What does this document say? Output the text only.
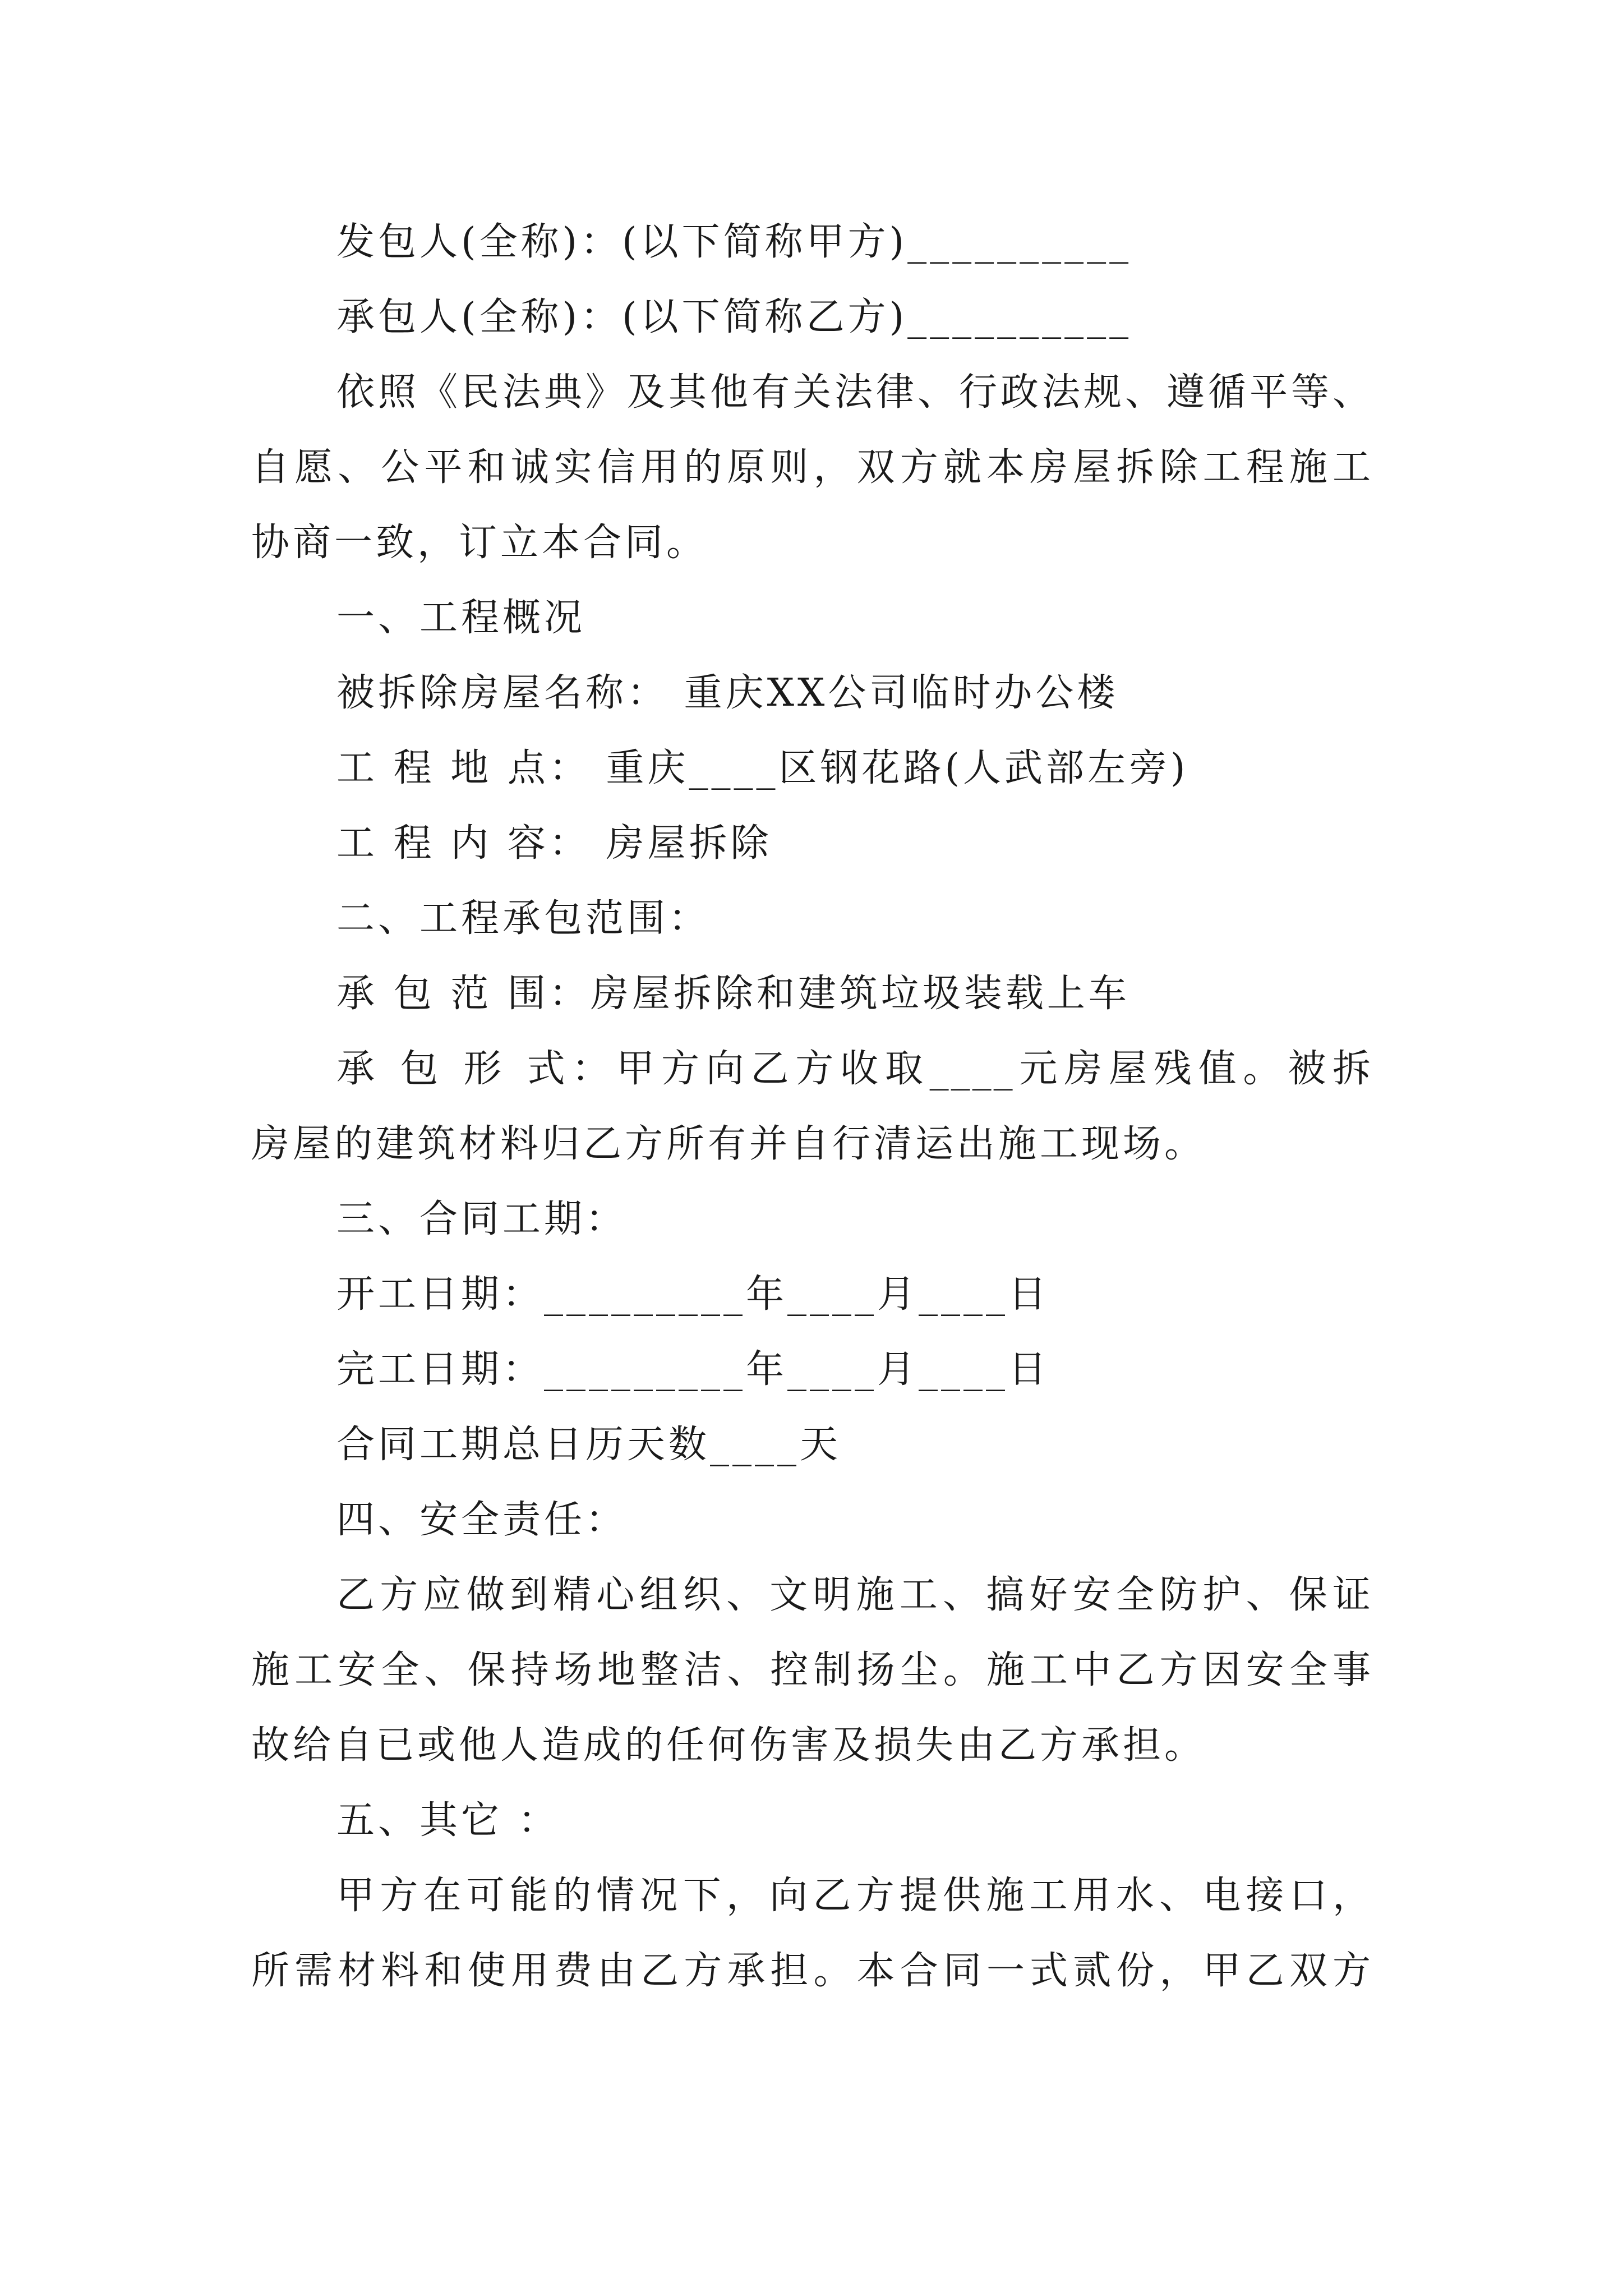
发包人(全称)：(以下简称甲方)__________
承包人(全称)：(以下简称乙方)__________
依照《民法典》及其他有关法律、行政法规、遵循平等、
自愿、公平和诚实信用的原则，双方就本房屋拆除工程施工
协商一致，订立本合同。
一、工程概况
被拆除房屋名称： 重庆XX公司临时办公楼
工 程 地 点： 重庆____区钢花路(人武部左旁)
工 程 内 容： 房屋拆除
二、工程承包范围：
承 包 范 围：房屋拆除和建筑垃圾装载上车
承 包 形 式：甲方向乙方收取____元房屋残值。被拆
房屋的建筑材料归乙方所有并自行清运出施工现场。
三、合同工期：
开工日期：_________年____月____日
完工日期：_________年____月____日
合同工期总日历天数____天
四、安全责任：
乙方应做到精心组织、文明施工、搞好安全防护、保证
施工安全、保持场地整洁、控制扬尘。施工中乙方因安全事
故给自已或他人造成的任何伤害及损失由乙方承担。
五、其它 ：
甲方在可能的情况下，向乙方提供施工用水、电接口，
所需材料和使用费由乙方承担。本合同一式贰份，甲乙双方
